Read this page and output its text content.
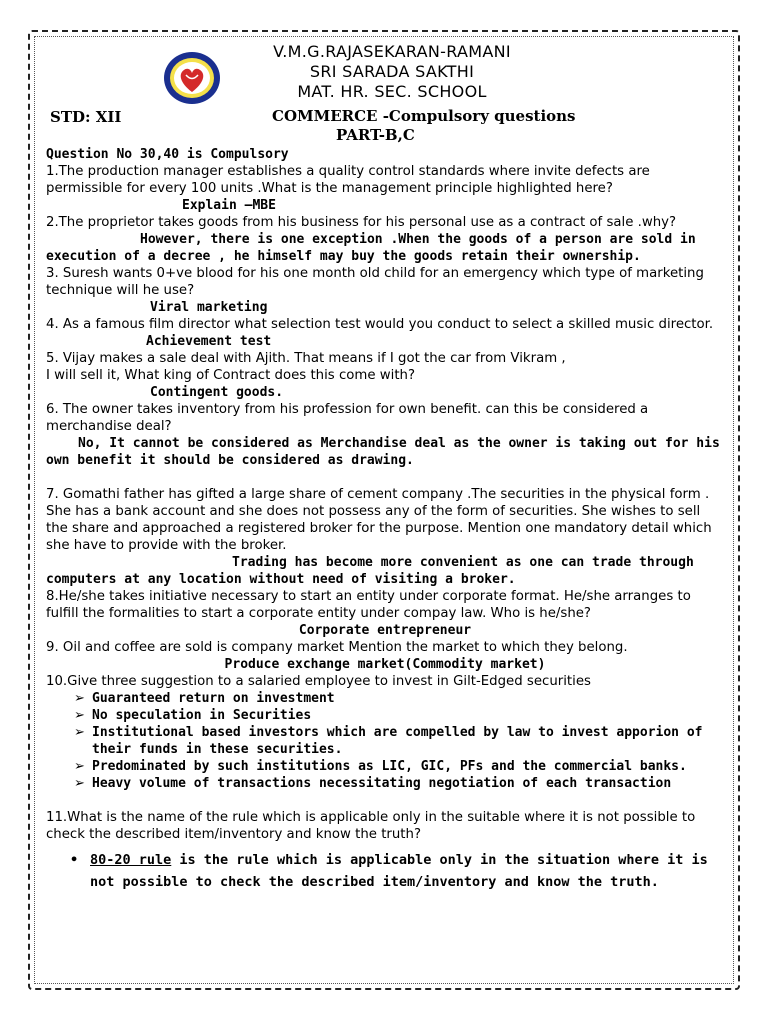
V.M.G.RAJASEKARAN-RAMANI
SRI SARADA SAKTHI
MAT. HR. SEC. SCHOOL
STD: XII	COMMERCE -Compulsory questions
PART-B,C
Question No 30,40 is Compulsory

1.The production manager establishes a quality control standards where invite defects are permissible for every 100 units .What is the management principle highlighted here?

Explain –MBE

2.The proprietor takes goods from his business for his personal use as a contract of sale .why?

However, there is one exception .When the goods of a person are sold in execution of a decree , he himself may buy the goods retain their ownership.

3. Suresh wants 0+ve blood for his one month old child for an emergency which type of marketing technique will he use?

Viral marketing

4. As a famous film director what selection test would you conduct to select a skilled music director.

Achievement test

5. Vijay makes a sale deal with Ajith. That means if I got the car from Vikram ,

I will sell it, What king of Contract does this come with?

Contingent goods.

6. The owner takes inventory from his profession for own benefit. can this be considered a merchandise deal?

No, It cannot be considered as Merchandise deal as the owner is taking out for his own benefit it should be considered as drawing.

7. Gomathi father has gifted a large share of cement company .The securities in the physical form . She has a bank account and she does not possess any of the form of securities. She wishes to sell the share and approached a registered broker for the purpose. Mention one mandatory detail which she have to provide with the broker.

Trading has become more convenient as one can trade through computers at any location without need of visiting a broker.

8.He/she takes initiative necessary to start an entity under corporate format. He/she arranges to fulfill the formalities to start a corporate entity under compay law. Who is he/she?

Corporate entrepreneur

9. Oil and coffee are sold is company market Mention the market to which they belong.

Produce exchange market(Commodity market)

10.Give three suggestion to a salaried employee to invest in Gilt-Edged securities

➢ Guaranteed return on investment
➢ No speculation in Securities
➢ Institutional based investors which are compelled by law to invest apporion of their funds in these securities.
➢ Predominated by such institutions as LIC, GIC, PFs and the commercial banks.
➢ Heavy volume of transactions necessitating negotiation of each transaction

11.What is the name of the rule which is applicable only in the suitable where it is not possible to check the described item/inventory and know the truth?

• 80-20 rule is the rule which is applicable only in the situation where it is not possible to check the described item/inventory and know the truth.
